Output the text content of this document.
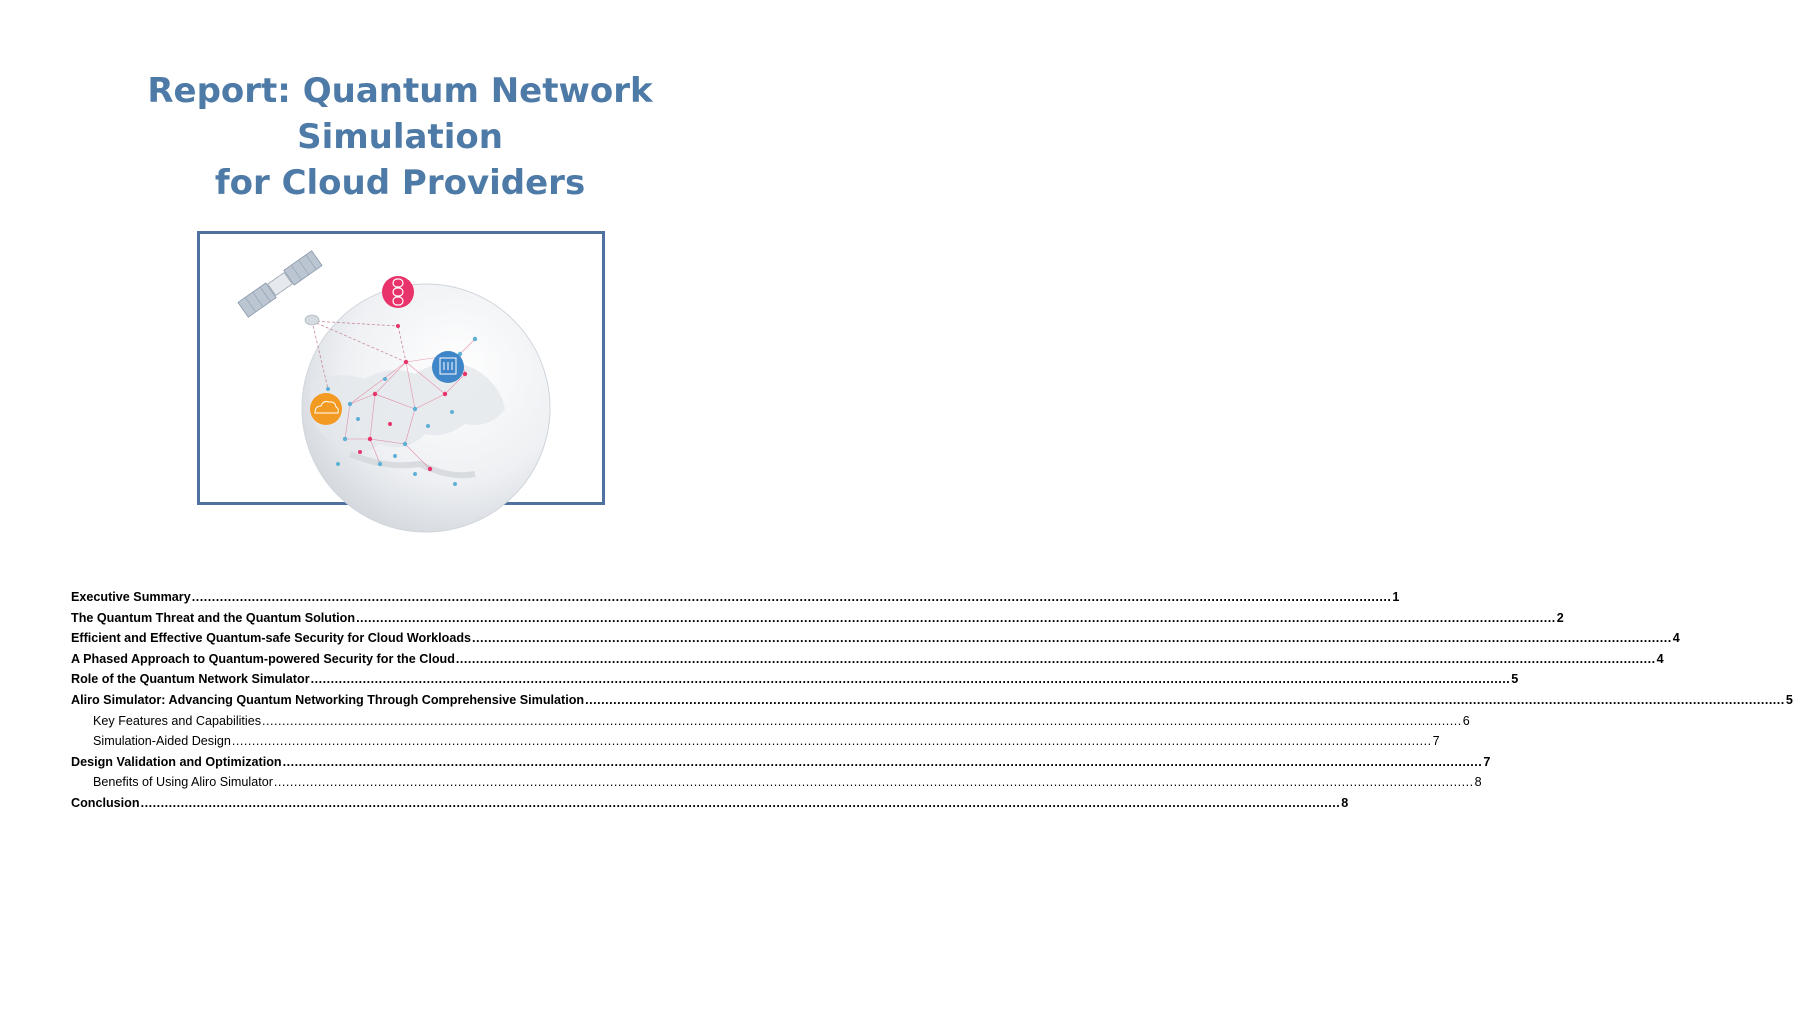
Report: Quantum Network Simulation
for Cloud Providers
Executive Summary ............................................................................................................................................................................................................................................................................................................ 1
The Quantum Threat and the Quantum Solution ............................................................................................................................................................................................................................................................................................................ 2
Efficient and Effective Quantum-safe Security for Cloud Workloads ............................................................................................................................................................................................................................................................................................................ 4
A Phased Approach to Quantum-powered Security for the Cloud ............................................................................................................................................................................................................................................................................................................ 4
Role of the Quantum Network Simulator ............................................................................................................................................................................................................................................................................................................ 5
Aliro Simulator: Advancing Quantum Networking Through Comprehensive Simulation ............................................................................................................................................................................................................................................................................................................ 5
Key Features and Capabilities ............................................................................................................................................................................................................................................................................................................ 6
Simulation-Aided Design ............................................................................................................................................................................................................................................................................................................ 7
Design Validation and Optimization ............................................................................................................................................................................................................................................................................................................ 7
Benefits of Using Aliro Simulator ............................................................................................................................................................................................................................................................................................................ 8
Conclusion ............................................................................................................................................................................................................................................................................................................ 8
